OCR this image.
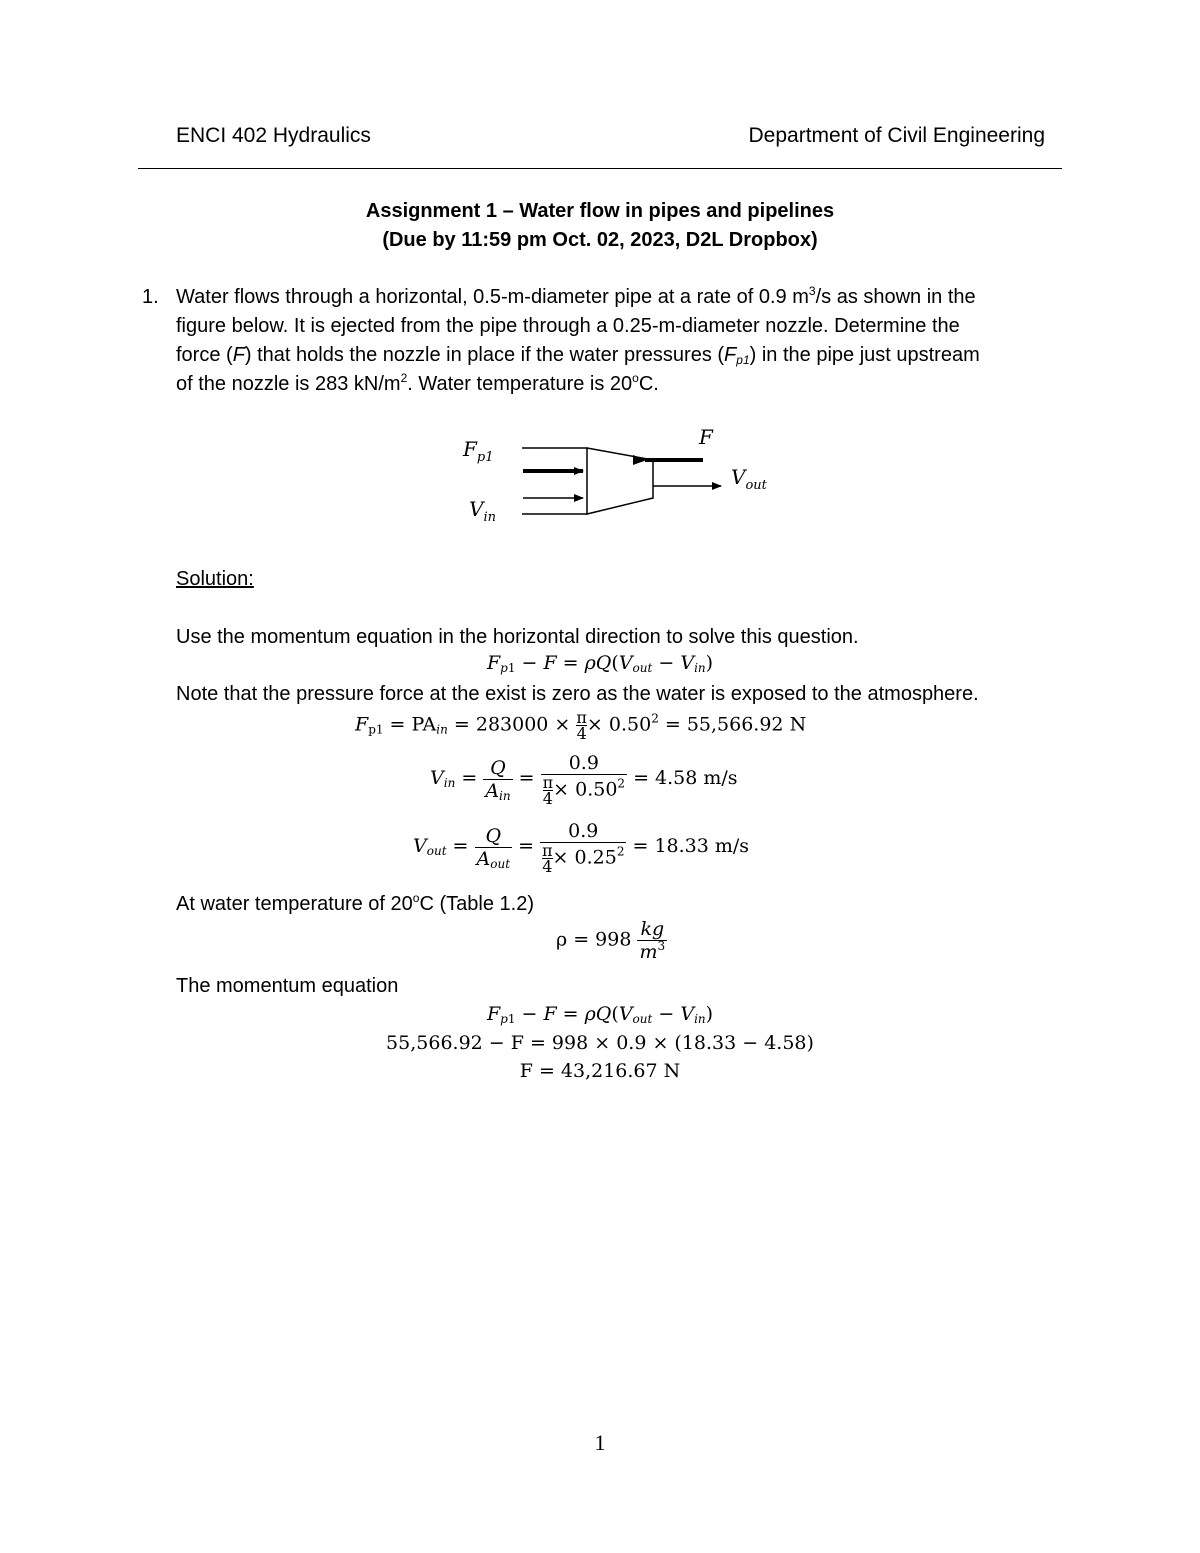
ENCI 402 Hydraulics	Department of Civil Engineering
Assignment 1 – Water flow in pipes and pipelines
(Due by 11:59 pm Oct. 02, 2023, D2L Dropbox)
1. Water flows through a horizontal, 0.5-m-diameter pipe at a rate of 0.9 $m^3/s$ as shown in the
figure below. It is ejected from the pipe through a 0.25-m-diameter nozzle. Determine the
force (F) that holds the nozzle in place if the water pressures $(F_{p1})$ in the pipe just upstream
of the nozzle is 283 $kN/m^2$. Water temperature is 20$^o$C.
$F_{p1}$
F
$V_{in}$
$V_{out}$
Solution:
Use the momentum equation in the horizontal direction to solve this question.
$F_{p1} - F = \rho Q(V_{out} - V_{in})$
Note that the pressure force at the exist is zero as the water is exposed to the atmosphere.
$F_{p1} = PA_{in} = 283000 \times \frac{\pi}{4} \times 0.50^2 = 55,566.92$ N
$V_{in} = \frac{Q}{A_{in}} = \frac{0.9}{\frac{\pi}{4} \times 0.50^2} = 4.58$ m/s
$V_{out} = \frac{Q}{A_{out}} = \frac{0.9}{\frac{\pi}{4} \times 0.25^2} = 18.33$ m/s
At water temperature of 20$^o$C (Table 1.2)
$\rho = 998 \frac{kg}{m^3}$
The momentum equation
$F_{p1} - F = \rho Q(V_{out} - V_{in})$
55,566.92 − F = 998 × 0.9 × (18.33 − 4.58)
F = 43,216.67 N
1
